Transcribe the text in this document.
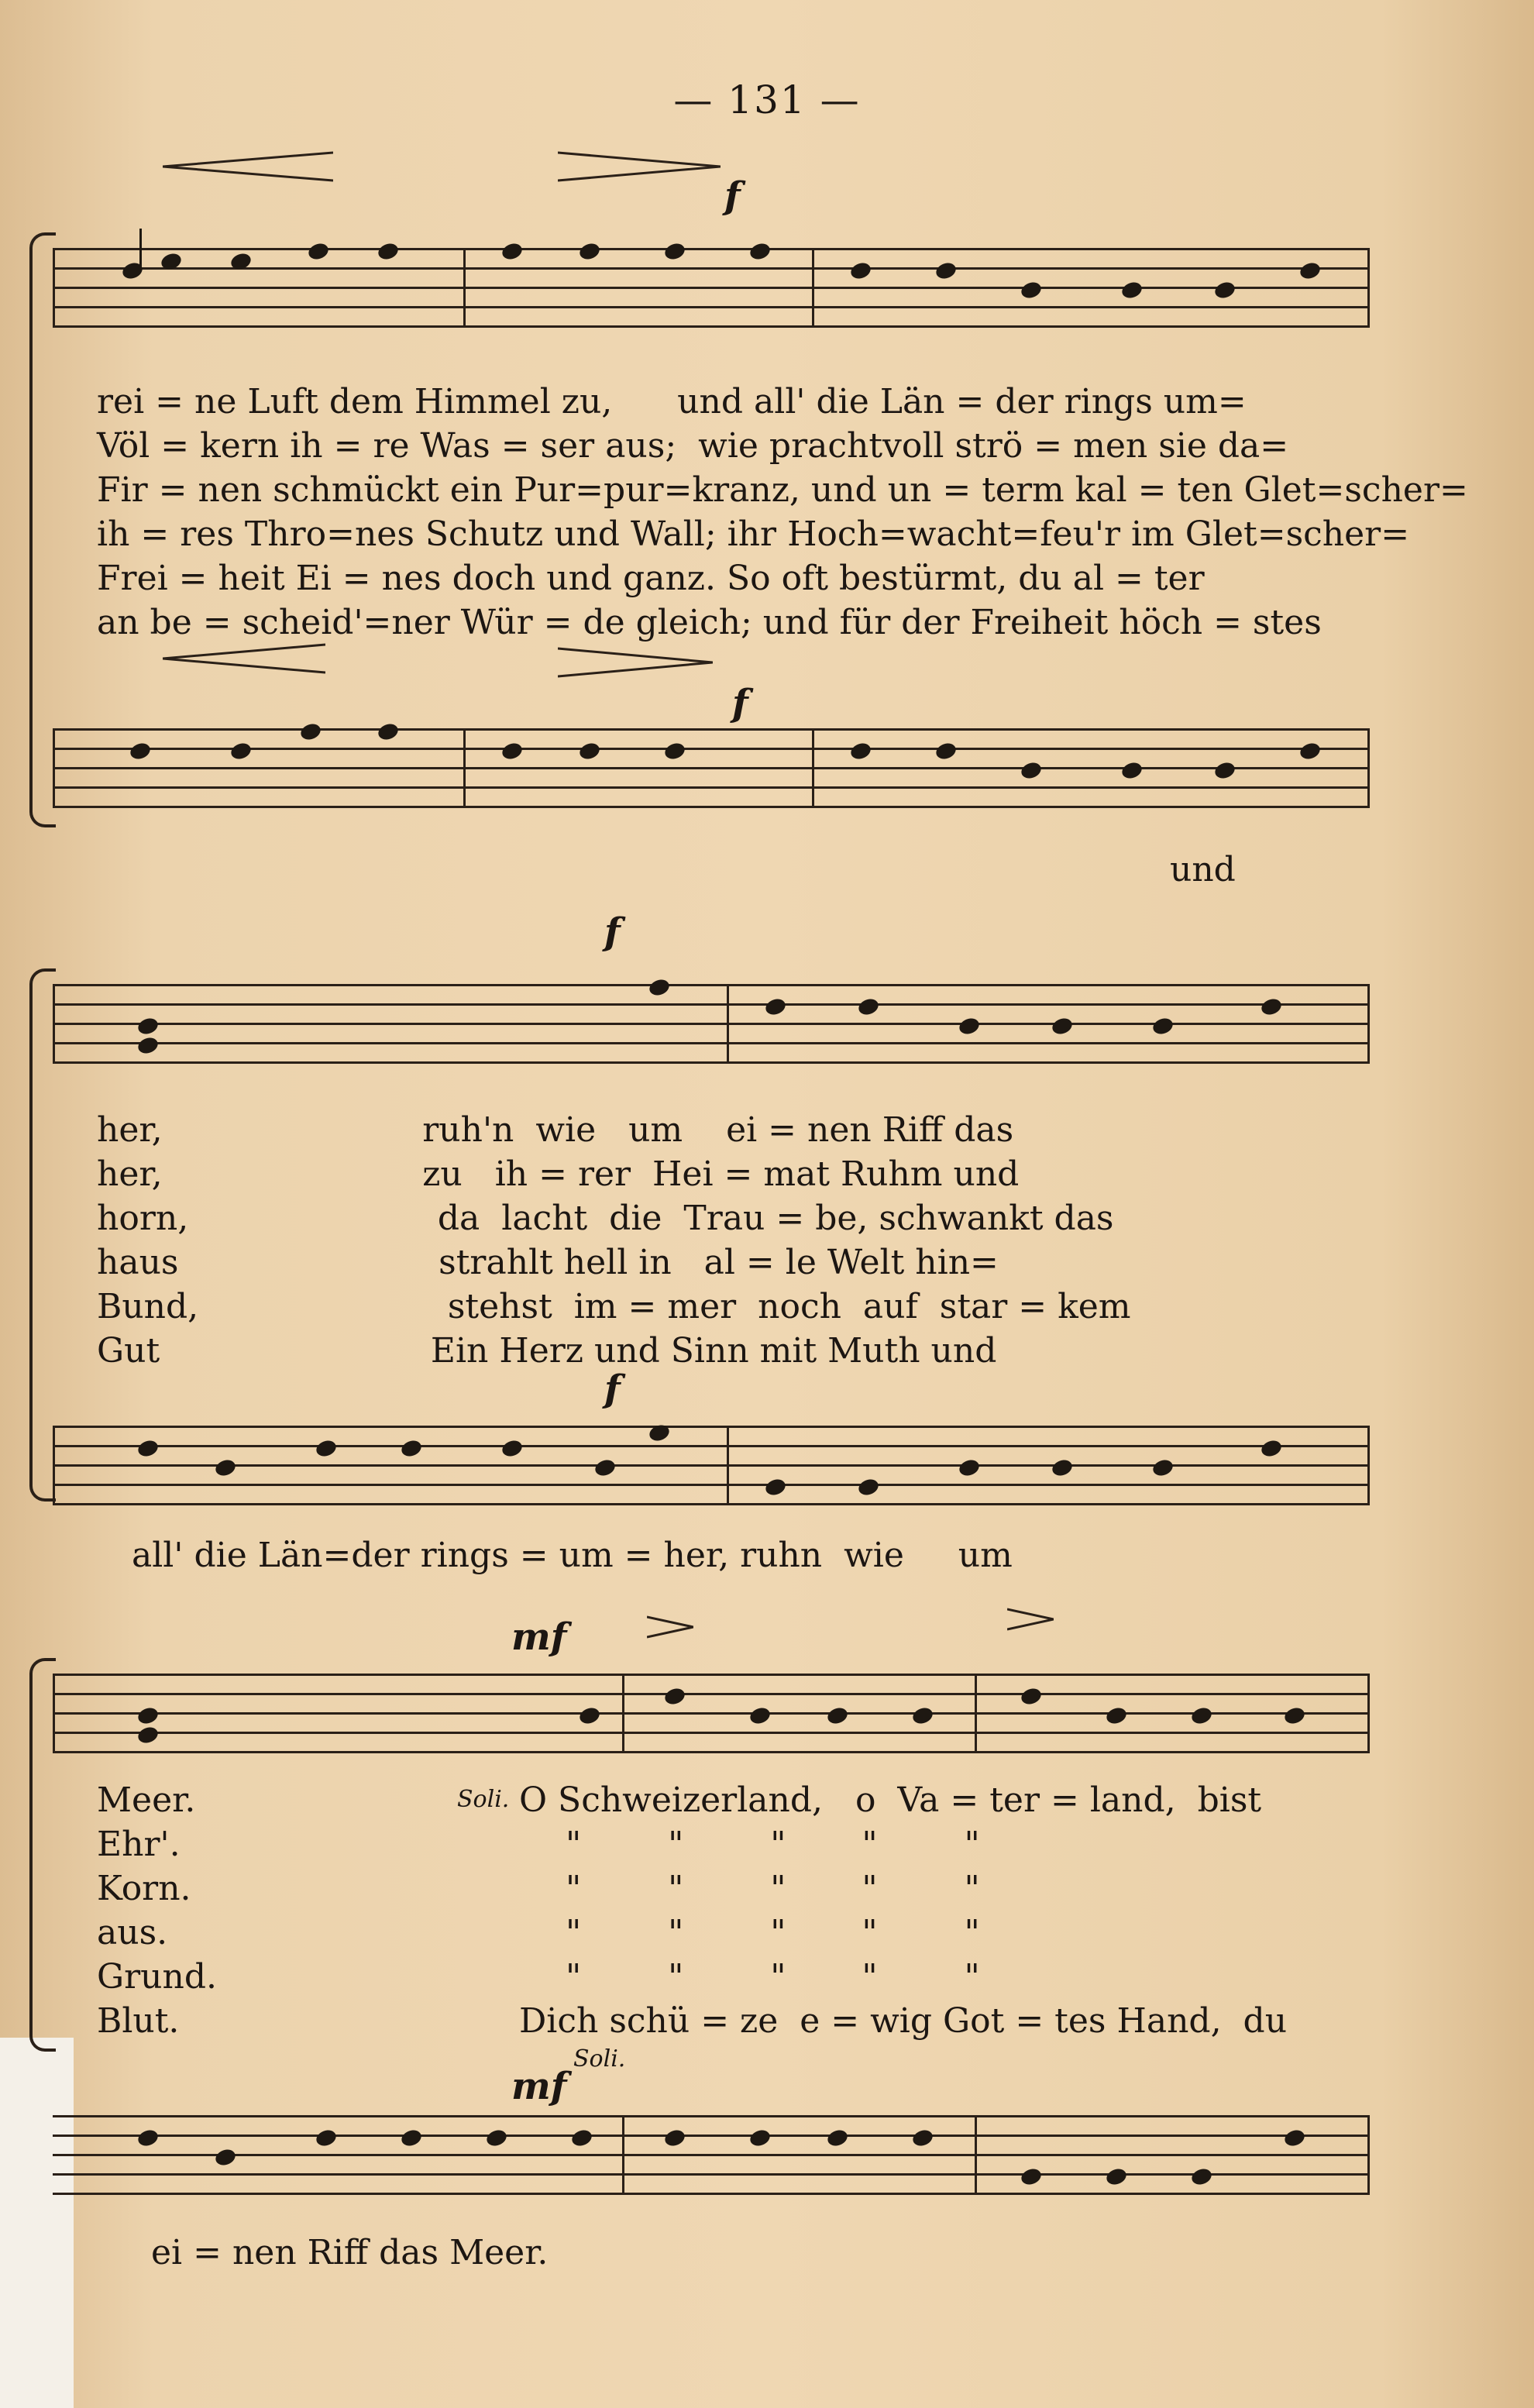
— 131 —
f
rei = ne Luft dem Himmel zu,      und all' die Län = der rings um=
Völ = kern ih = re Was = ser aus;  wie prachtvoll strö = men sie da=
Fir = nen schmückt ein Pur=pur=kranz, und un = term kal = ten Glet=scher=
ih = res Thro=nes Schutz und Wall; ihr Hoch=wacht=feu'r im Glet=scher=
Frei = heit Ei = nes doch und ganz. So oft bestürmt, du al = ter
an be = scheid'=ner Wür = de gleich; und für der Freiheit höch = stes
f
und
f
her,                        ruh'n  wie   um    ei = nen Riff das
her,                        zu   ih = rer  Hei = mat Ruhm und
horn,                       da  lacht  die  Trau = be, schwankt das
haus                        strahlt hell in   al = le Welt hin=
Bund,                       stehst  im = mer  noch  auf  star = kem
Gut                         Ein Herz und Sinn mit Muth und
f
all' die Län=der rings = um = her, ruhn  wie     um
mf
Meer.
Ehr'.
Korn.
aus.
Grund.
Blut.
Soli. O Schweizerland,   o  Va = ter = land,  bist
"        "        "       "        "
"        "        "       "        "
"        "        "       "        "
"        "        "       "        "
Dich schü = ze  e = wig Got = tes Hand,  du
Soli.
mf
ei = nen Riff das Meer.
